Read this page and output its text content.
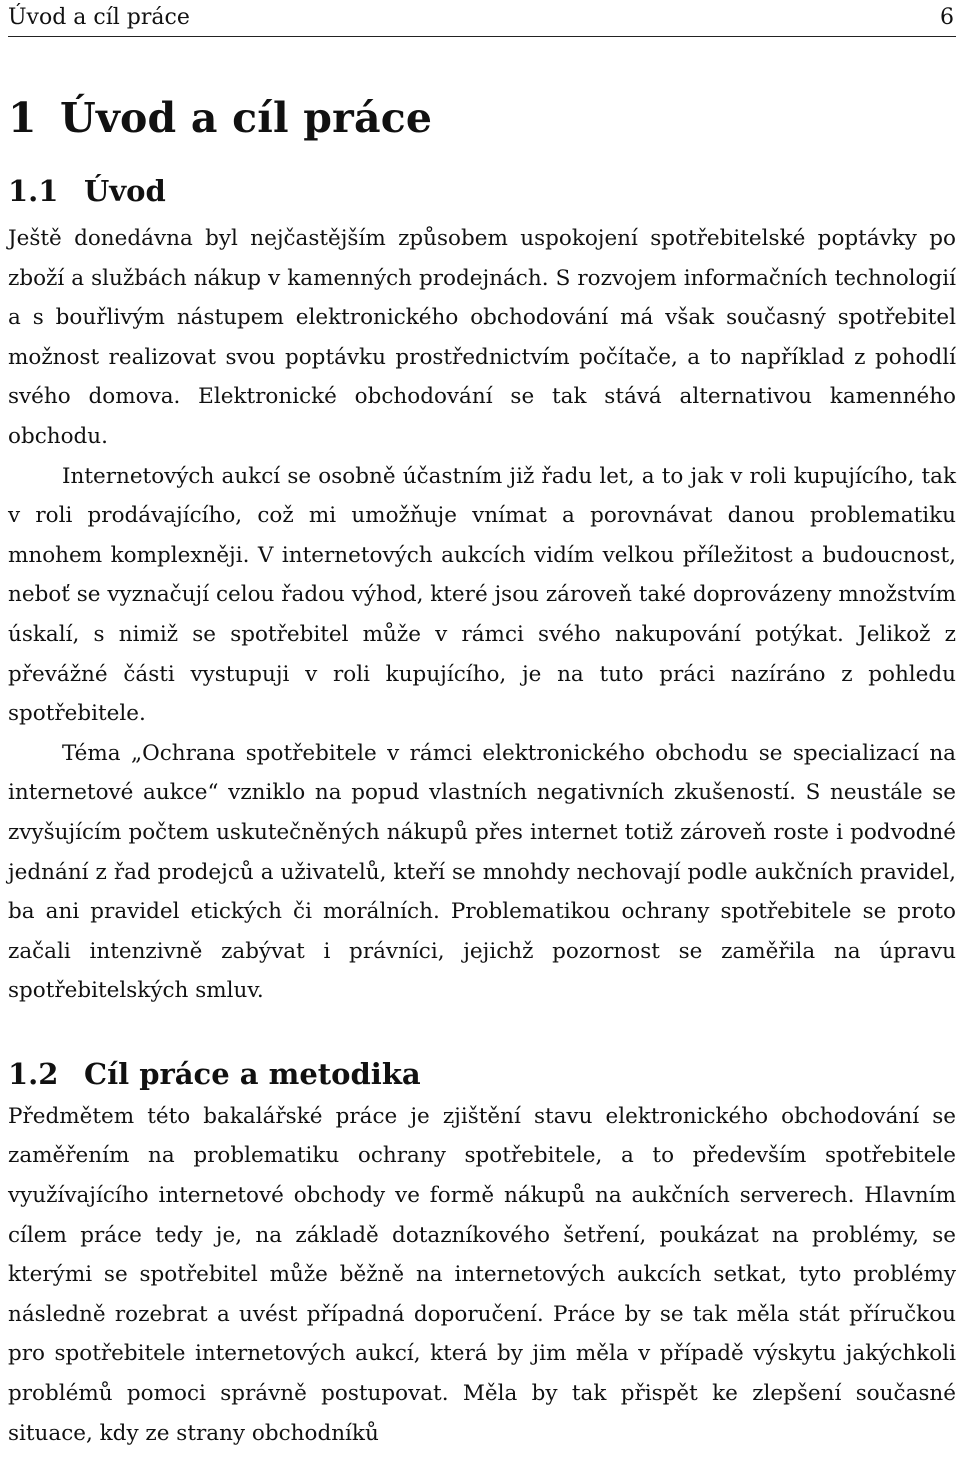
Úvod a cíl práce	6
1 Úvod a cíl práce
1.1 Úvod

Ještě donedávna byl nejčastějším způsobem uspokojení spotřebitelské poptávky po zboží a službách nákup v kamenných prodejnách. S rozvojem informačních technologií a s bouřlivým nástupem elektronického obchodování má však současný spotřebitel možnost realizovat svou poptávku prostřednictvím počítače, a to například z pohodlí svého domova. Elektronické obchodování se tak stává alternativou kamenného obchodu.

Internetových aukcí se osobně účastním již řadu let, a to jak v roli kupujícího, tak v roli prodávajícího, což mi umožňuje vnímat a porovnávat danou problematiku mnohem komplexněji. V internetových aukcích vidím velkou příležitost a budoucnost, neboť se vyznačují celou řadou výhod, které jsou zároveň také doprovázeny množstvím úskalí, s nimiž se spotřebitel může v rámci svého nakupování potýkat. Jelikož z převážné části vystupuji v roli kupujícího, je na tuto práci nazíráno z pohledu spotřebitele.

Téma „Ochrana spotřebitele v rámci elektronického obchodu se specializací na internetové aukce“ vzniklo na popud vlastních negativních zkušeností. S neustále se zvyšujícím počtem uskutečněných nákupů přes internet totiž zároveň roste i podvodné jednání z řad prodejců a uživatelů, kteří se mnohdy nechovají podle aukčních pravidel, ba ani pravidel etických či morálních. Problematikou ochrany spotřebitele se proto začali intenzivně zabývat i právníci, jejichž pozornost se zaměřila na úpravu spotřebitelských smluv.

1.2 Cíl práce a metodika

Předmětem této bakalářské práce je zjištění stavu elektronického obchodování se zaměřením na problematiku ochrany spotřebitele, a to především spotřebitele využívajícího internetové obchody ve formě nákupů na aukčních serverech. Hlavním cílem práce tedy je, na základě dotazníkového šetření, poukázat na problémy, se kterými se spotřebitel může běžně na internetových aukcích setkat, tyto problémy následně rozebrat a uvést případná doporučení. Práce by se tak měla stát příručkou pro spotřebitele internetových aukcí, která by jim měla v případě výskytu jakýchkoli problémů pomoci správně postupovat. Měla by tak přispět ke zlepšení současné situace, kdy ze strany obchodníků
